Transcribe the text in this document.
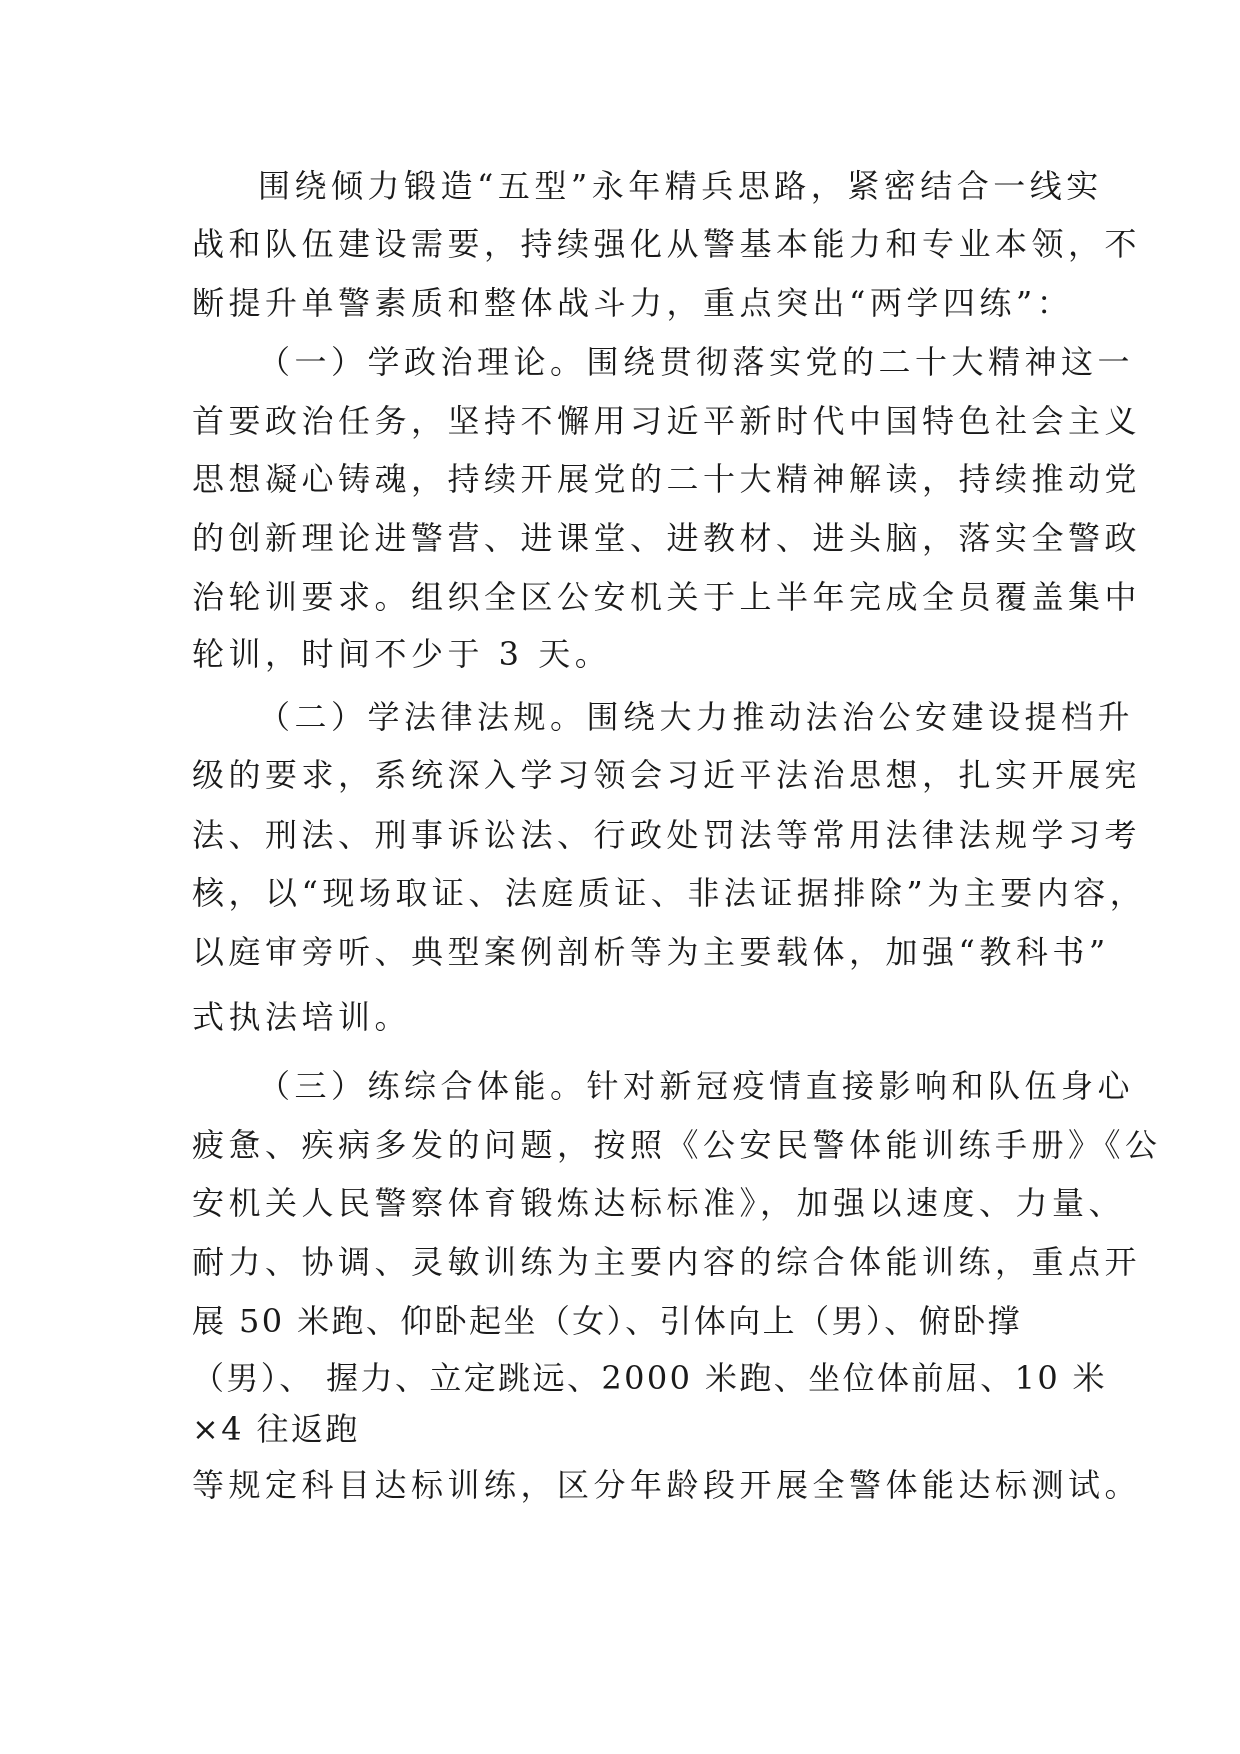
围绕倾力锻造“五型”永年精兵思路，紧密结合一线实
战和队伍建设需要，持续强化从警基本能力和专业本领，不
断提升单警素质和整体战斗力，重点突出“两学四练”：
（一）学政治理论。围绕贯彻落实党的二十大精神这一
首要政治任务，坚持不懈用习近平新时代中国特色社会主义
思想凝心铸魂，持续开展党的二十大精神解读，持续推动党
的创新理论进警营、进课堂、进教材、进头脑，落实全警政
治轮训要求。组织全区公安机关于上半年完成全员覆盖集中
轮训，时间不少于 3 天。
（二）学法律法规。围绕大力推动法治公安建设提档升
级的要求，系统深入学习领会习近平法治思想，扎实开展宪
法、刑法、刑事诉讼法、行政处罚法等常用法律法规学习考
核，以“现场取证、法庭质证、非法证据排除”为主要内容，
以庭审旁听、典型案例剖析等为主要载体，加强“教科书”
式执法培训。
（三）练综合体能。针对新冠疫情直接影响和队伍身心
疲惫、疾病多发的问题，按照《公安民警体能训练手册》《公
安机关人民警察体育锻炼达标标准》，加强以速度、力量、
耐力、协调、灵敏训练为主要内容的综合体能训练，重点开
展 50 米跑、仰卧起坐（女）、引体向上（男）、俯卧撑
（男）、 握力、立定跳远、2000 米跑、坐位体前屈、10 米
×4 往返跑
等规定科目达标训练，区分年龄段开展全警体能达标测试。
